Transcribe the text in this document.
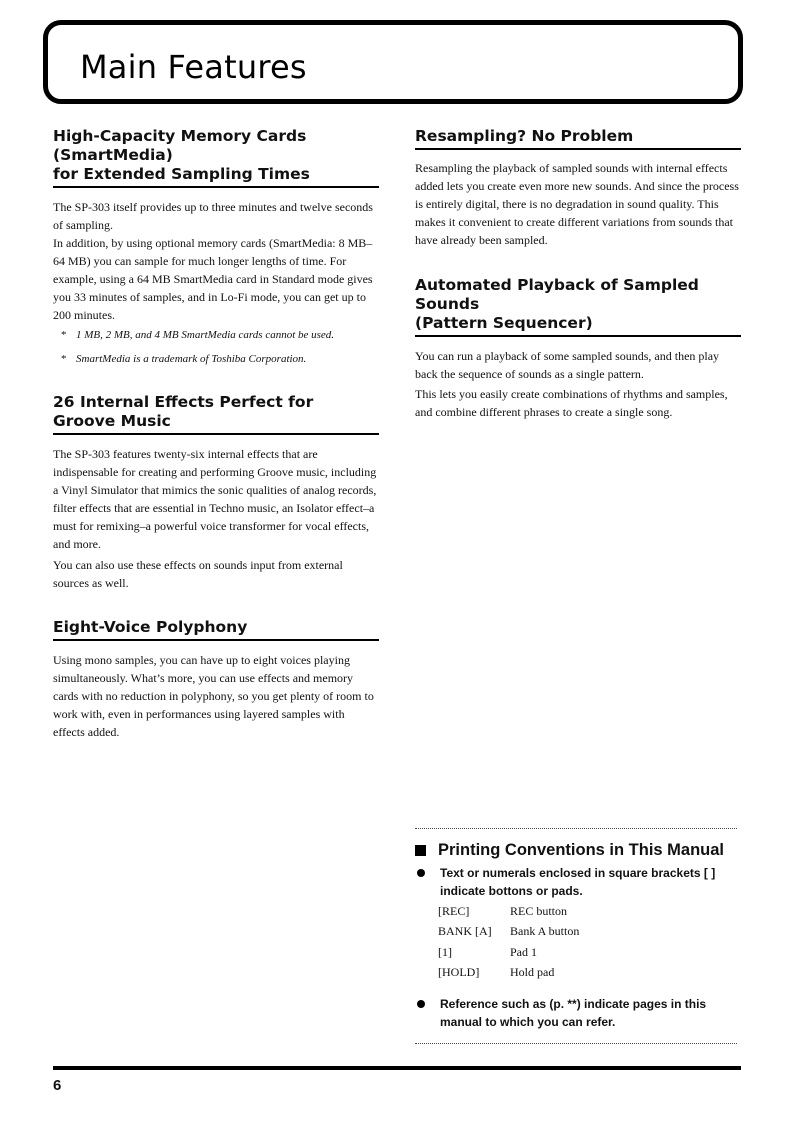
Main Features
High-Capacity Memory Cards (SmartMedia)
for Extended Sampling Times

The SP-303 itself provides up to three minutes and twelve seconds of sampling.

In addition, by using optional memory cards (SmartMedia: 8 MB–64 MB) you can sample for much longer lengths of time. For example, using a 64 MB SmartMedia card in Standard mode gives you 33 minutes of samples, and in Lo-Fi mode, you can get up to 200 minutes.

* 1 MB, 2 MB, and 4 MB SmartMedia cards cannot be used.
* SmartMedia is a trademark of Toshiba Corporation.
26 Internal Effects Perfect for Groove Music

The SP-303 features twenty-six internal effects that are indispensable for creating and performing Groove music, including a Vinyl Simulator that mimics the sonic qualities of analog records, filter effects that are essential in Techno music, an Isolator effect–a must for remixing–a powerful voice transformer for vocal effects, and more.

You can also use these effects on sounds input from external sources as well.

Eight-Voice Polyphony

Using mono samples, you can have up to eight voices playing simultaneously. What’s more, you can use effects and memory cards with no reduction in polyphony, so you get plenty of room to work with, even in performances using layered samples with effects added.

Resampling? No Problem

Resampling the playback of sampled sounds with internal effects added lets you create even more new sounds. And since the process is entirely digital, there is no degradation in sound quality. This makes it convenient to create different variations from sounds that have already been sampled.

Automated Playback of Sampled Sounds
(Pattern Sequencer)

You can run a playback of some sampled sounds, and then play back the sequence of sounds as a single pattern.

This lets you easily create combinations of rhythms and samples, and combine different phrases to create a single song.

Printing Conventions in This Manual
Text or numerals enclosed in square brackets [ ] indicate bottons or pads.
[REC]	REC button
BANK [A]	Bank A button
[1]	Pad 1
[HOLD]	Hold pad
Reference such as (p. **) indicate pages in this manual to which you can refer.
6
